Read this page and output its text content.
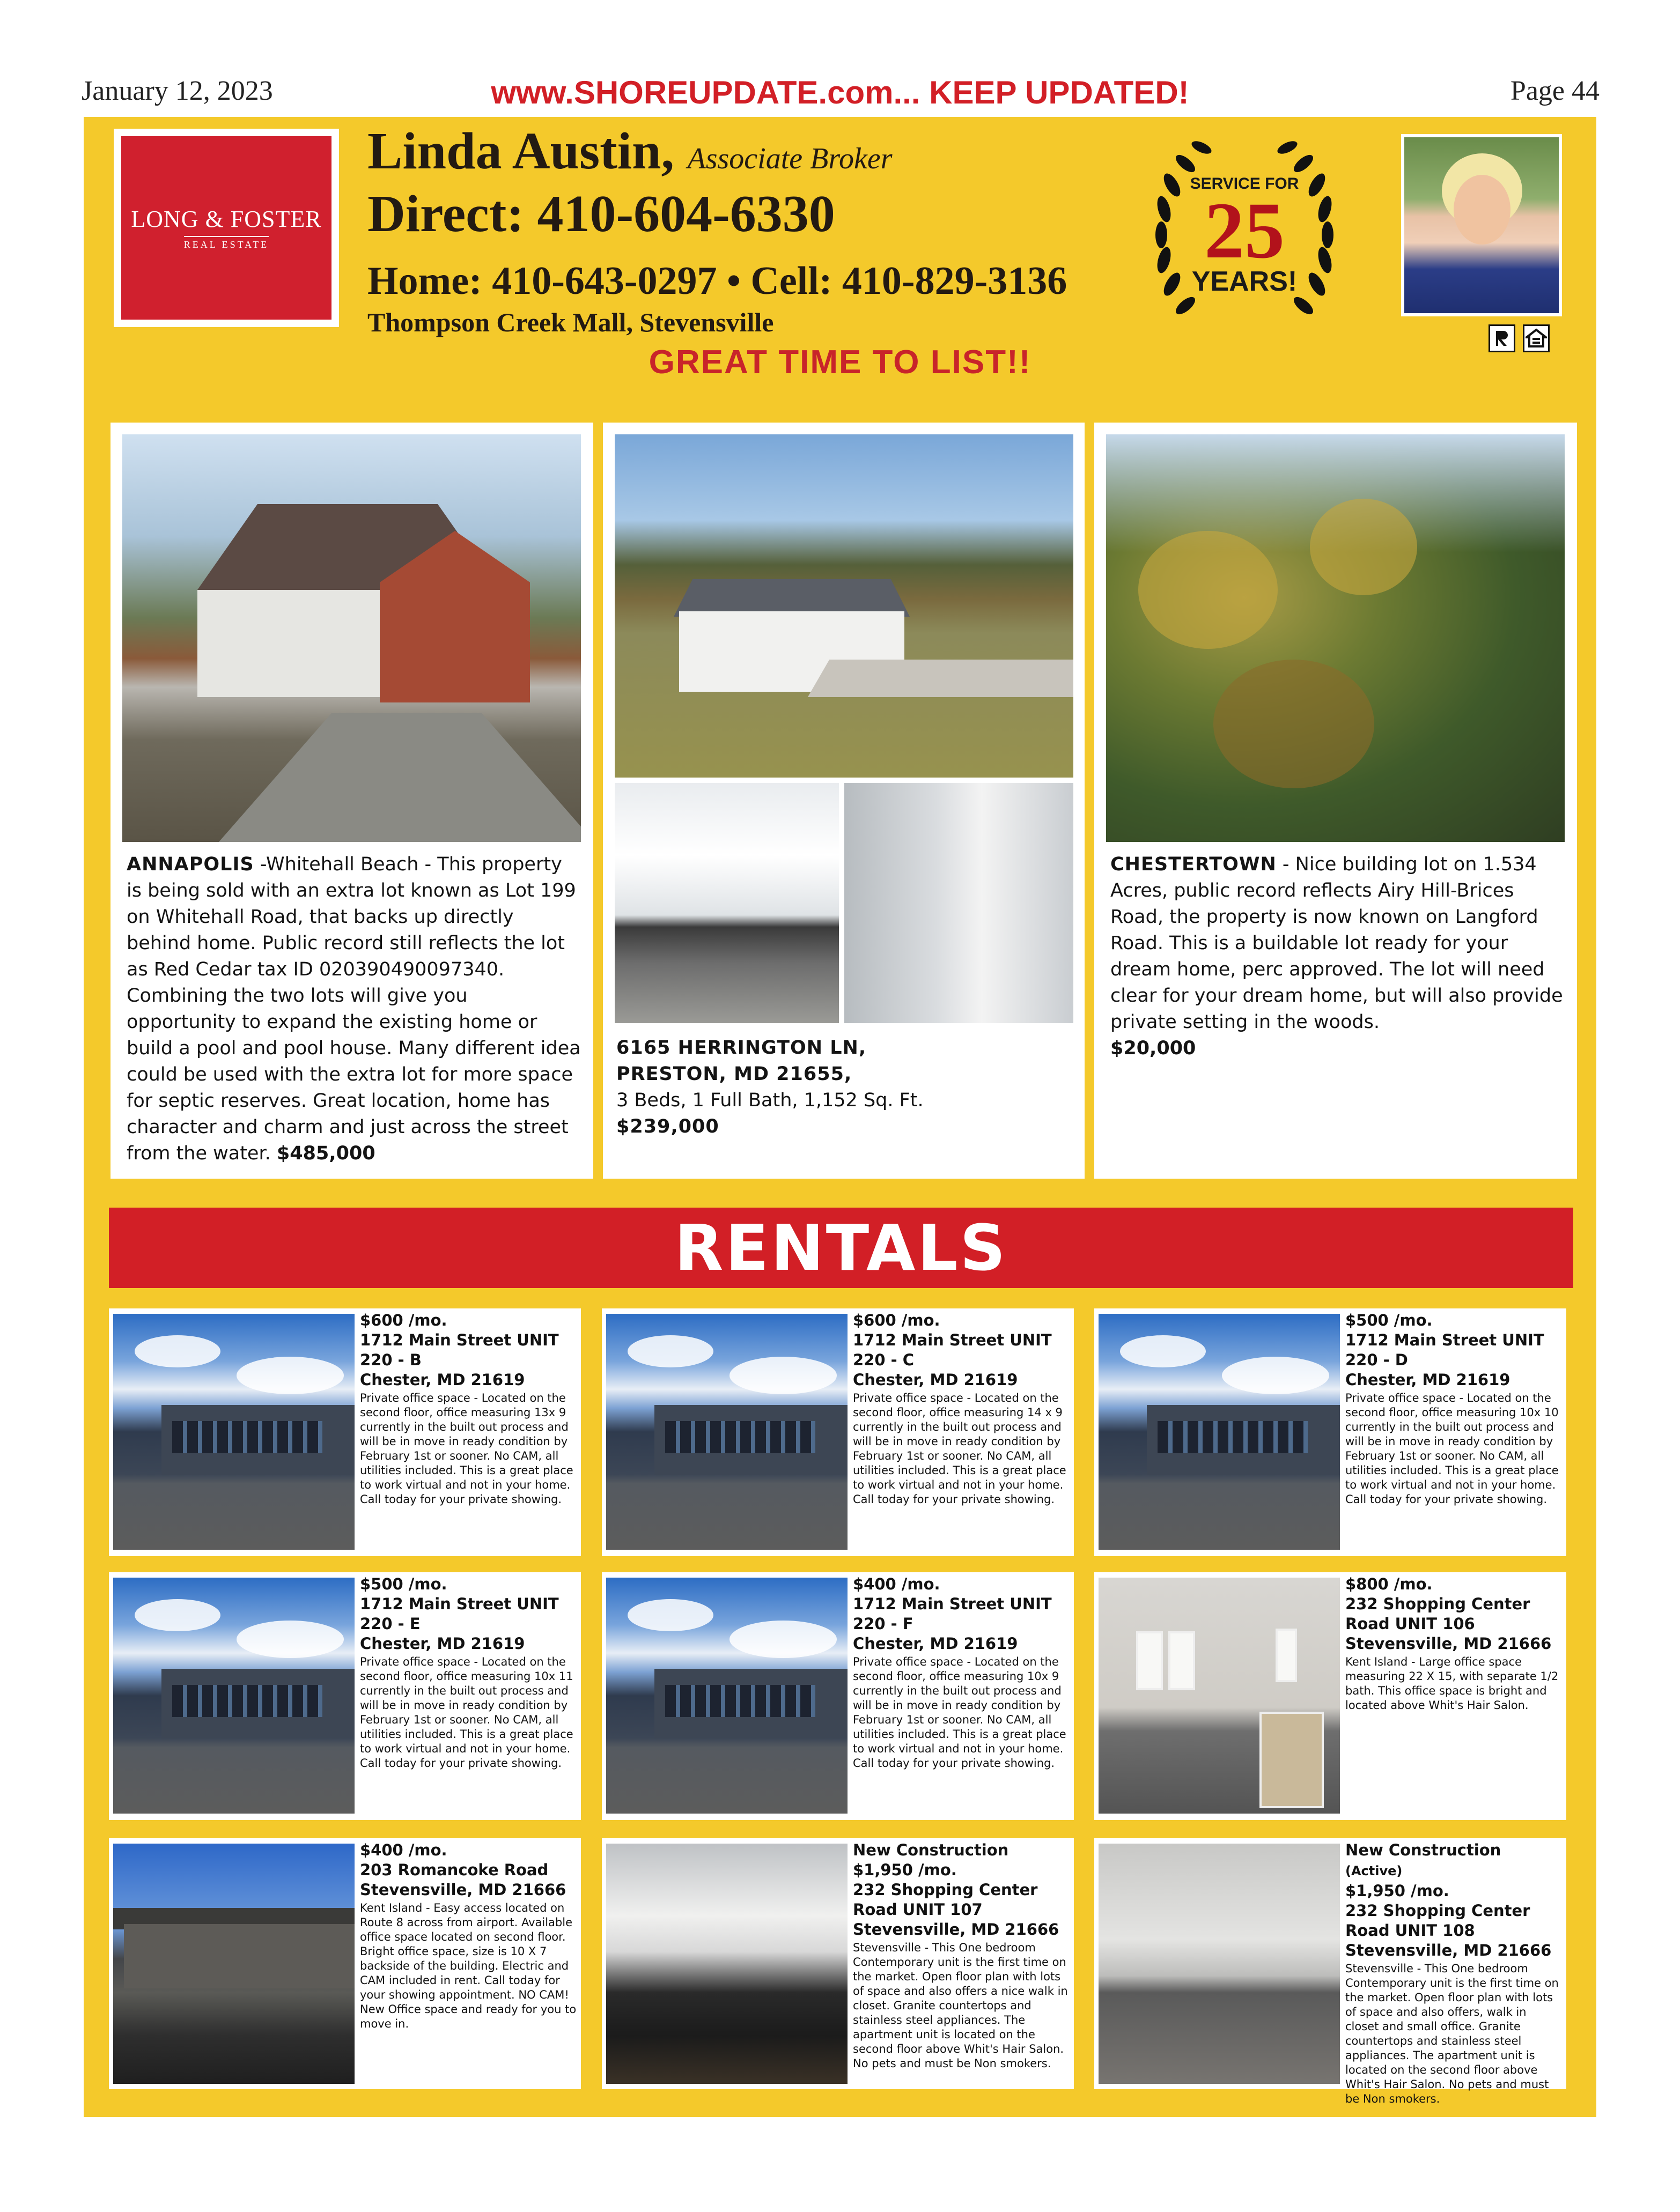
January 12, 2023	www.SHOREUPDATE.com... KEEP UPDATED!	Page 44
LONG & FOSTER
REAL ESTATE
Linda Austin, Associate Broker
Direct: 410-604-6330
Home: 410-643-0297 • Cell: 410-829-3136
Thompson Creek Mall, Stevensville
SERVICE FOR
25
YEARS!
GREAT TIME TO LIST!!
ANNAPOLIS -Whitehall Beach - This property is being sold with an extra lot known as Lot 199 on Whitehall Road, that backs up directly behind home. Public record still reflects the lot as Red Cedar tax ID 020390490097340. Combining the two lots will give you opportunity to expand the existing home or build a pool and pool house. Many different idea could be used with the extra lot for more space for septic reserves. Great location, home has character and charm and just across the street from the water. $485,000
6165 HERRINGTON LN,
PRESTON, MD 21655,
3 Beds, 1 Full Bath, 1,152 Sq. Ft.
$239,000
CHESTERTOWN - Nice building lot on 1.534 Acres, public record reflects Airy Hill-Brices Road, the property is now known on Langford Road. This is a buildable lot ready for your dream home, perc approved. The lot will need clear for your dream home, but will also provide private setting in the woods.
$20,000
RENTALS
$600 /mo.
1712 Main Street UNIT
220 - B
Chester, MD 21619
Private office space - Located on the second floor, office measuring 13x 9 currently in the built out process and will be in move in ready condition by February 1st or sooner. No CAM, all utilities included. This is a great place to work virtual and not in your home. Call today for your private showing.
$600 /mo.
1712 Main Street UNIT
220 - C
Chester, MD 21619
Private office space - Located on the second floor, office measuring 14 x 9 currently in the built out process and will be in move in ready condition by February 1st or sooner. No CAM, all utilities included. This is a great place to work virtual and not in your home. Call today for your private showing.
$500 /mo.
1712 Main Street UNIT
220 - D
Chester, MD 21619
Private office space - Located on the second floor, office measuring 10x 10 currently in the built out process and will be in move in ready condition by February 1st or sooner. No CAM, all utilities included. This is a great place to work virtual and not in your home. Call today for your private showing.
$500 /mo.
1712 Main Street UNIT
220 - E
Chester, MD 21619
Private office space - Located on the second floor, office measuring 10x 11 currently in the built out process and will be in move in ready condition by February 1st or sooner. No CAM, all utilities included. This is a great place to work virtual and not in your home. Call today for your private showing.
$400 /mo.
1712 Main Street UNIT
220 - F
Chester, MD 21619
Private office space - Located on the second floor, office measuring 10x 9 currently in the built out process and will be in move in ready condition by February 1st or sooner. No CAM, all utilities included. This is a great place to work virtual and not in your home. Call today for your private showing.
$800 /mo.
232 Shopping Center
Road UNIT 106
Stevensville, MD 21666
Kent Island - Large office space measuring 22 X 15, with separate 1/2 bath. This office space is bright and located above Whit's Hair Salon.
$400 /mo.
203 Romancoke Road
Stevensville, MD 21666
Kent Island - Easy access located on Route 8 across from airport. Available office space located on second floor. Bright office space, size is 10 X 7 backside of the building. Electric and CAM included in rent. Call today for your showing appointment. NO CAM! New Office space and ready for you to move in.
New Construction
$1,950 /mo.
232 Shopping Center
Road UNIT 107
Stevensville, MD 21666
Stevensville - This One bedroom Contemporary unit is the first time on the market. Open floor plan with lots of space and also offers a nice walk in closet. Granite countertops and stainless steel appliances. The apartment unit is located on the second floor above Whit's Hair Salon. No pets and must be Non smokers.
New Construction (Active)
$1,950 /mo.
232 Shopping Center
Road UNIT 108
Stevensville, MD 21666
Stevensville - This One bedroom Contemporary unit is the first time on the market. Open floor plan with lots of space and also offers, walk in closet and small office. Granite countertops and stainless steel appliances. The apartment unit is located on the second floor above Whit's Hair Salon. No pets and must be Non smokers.
